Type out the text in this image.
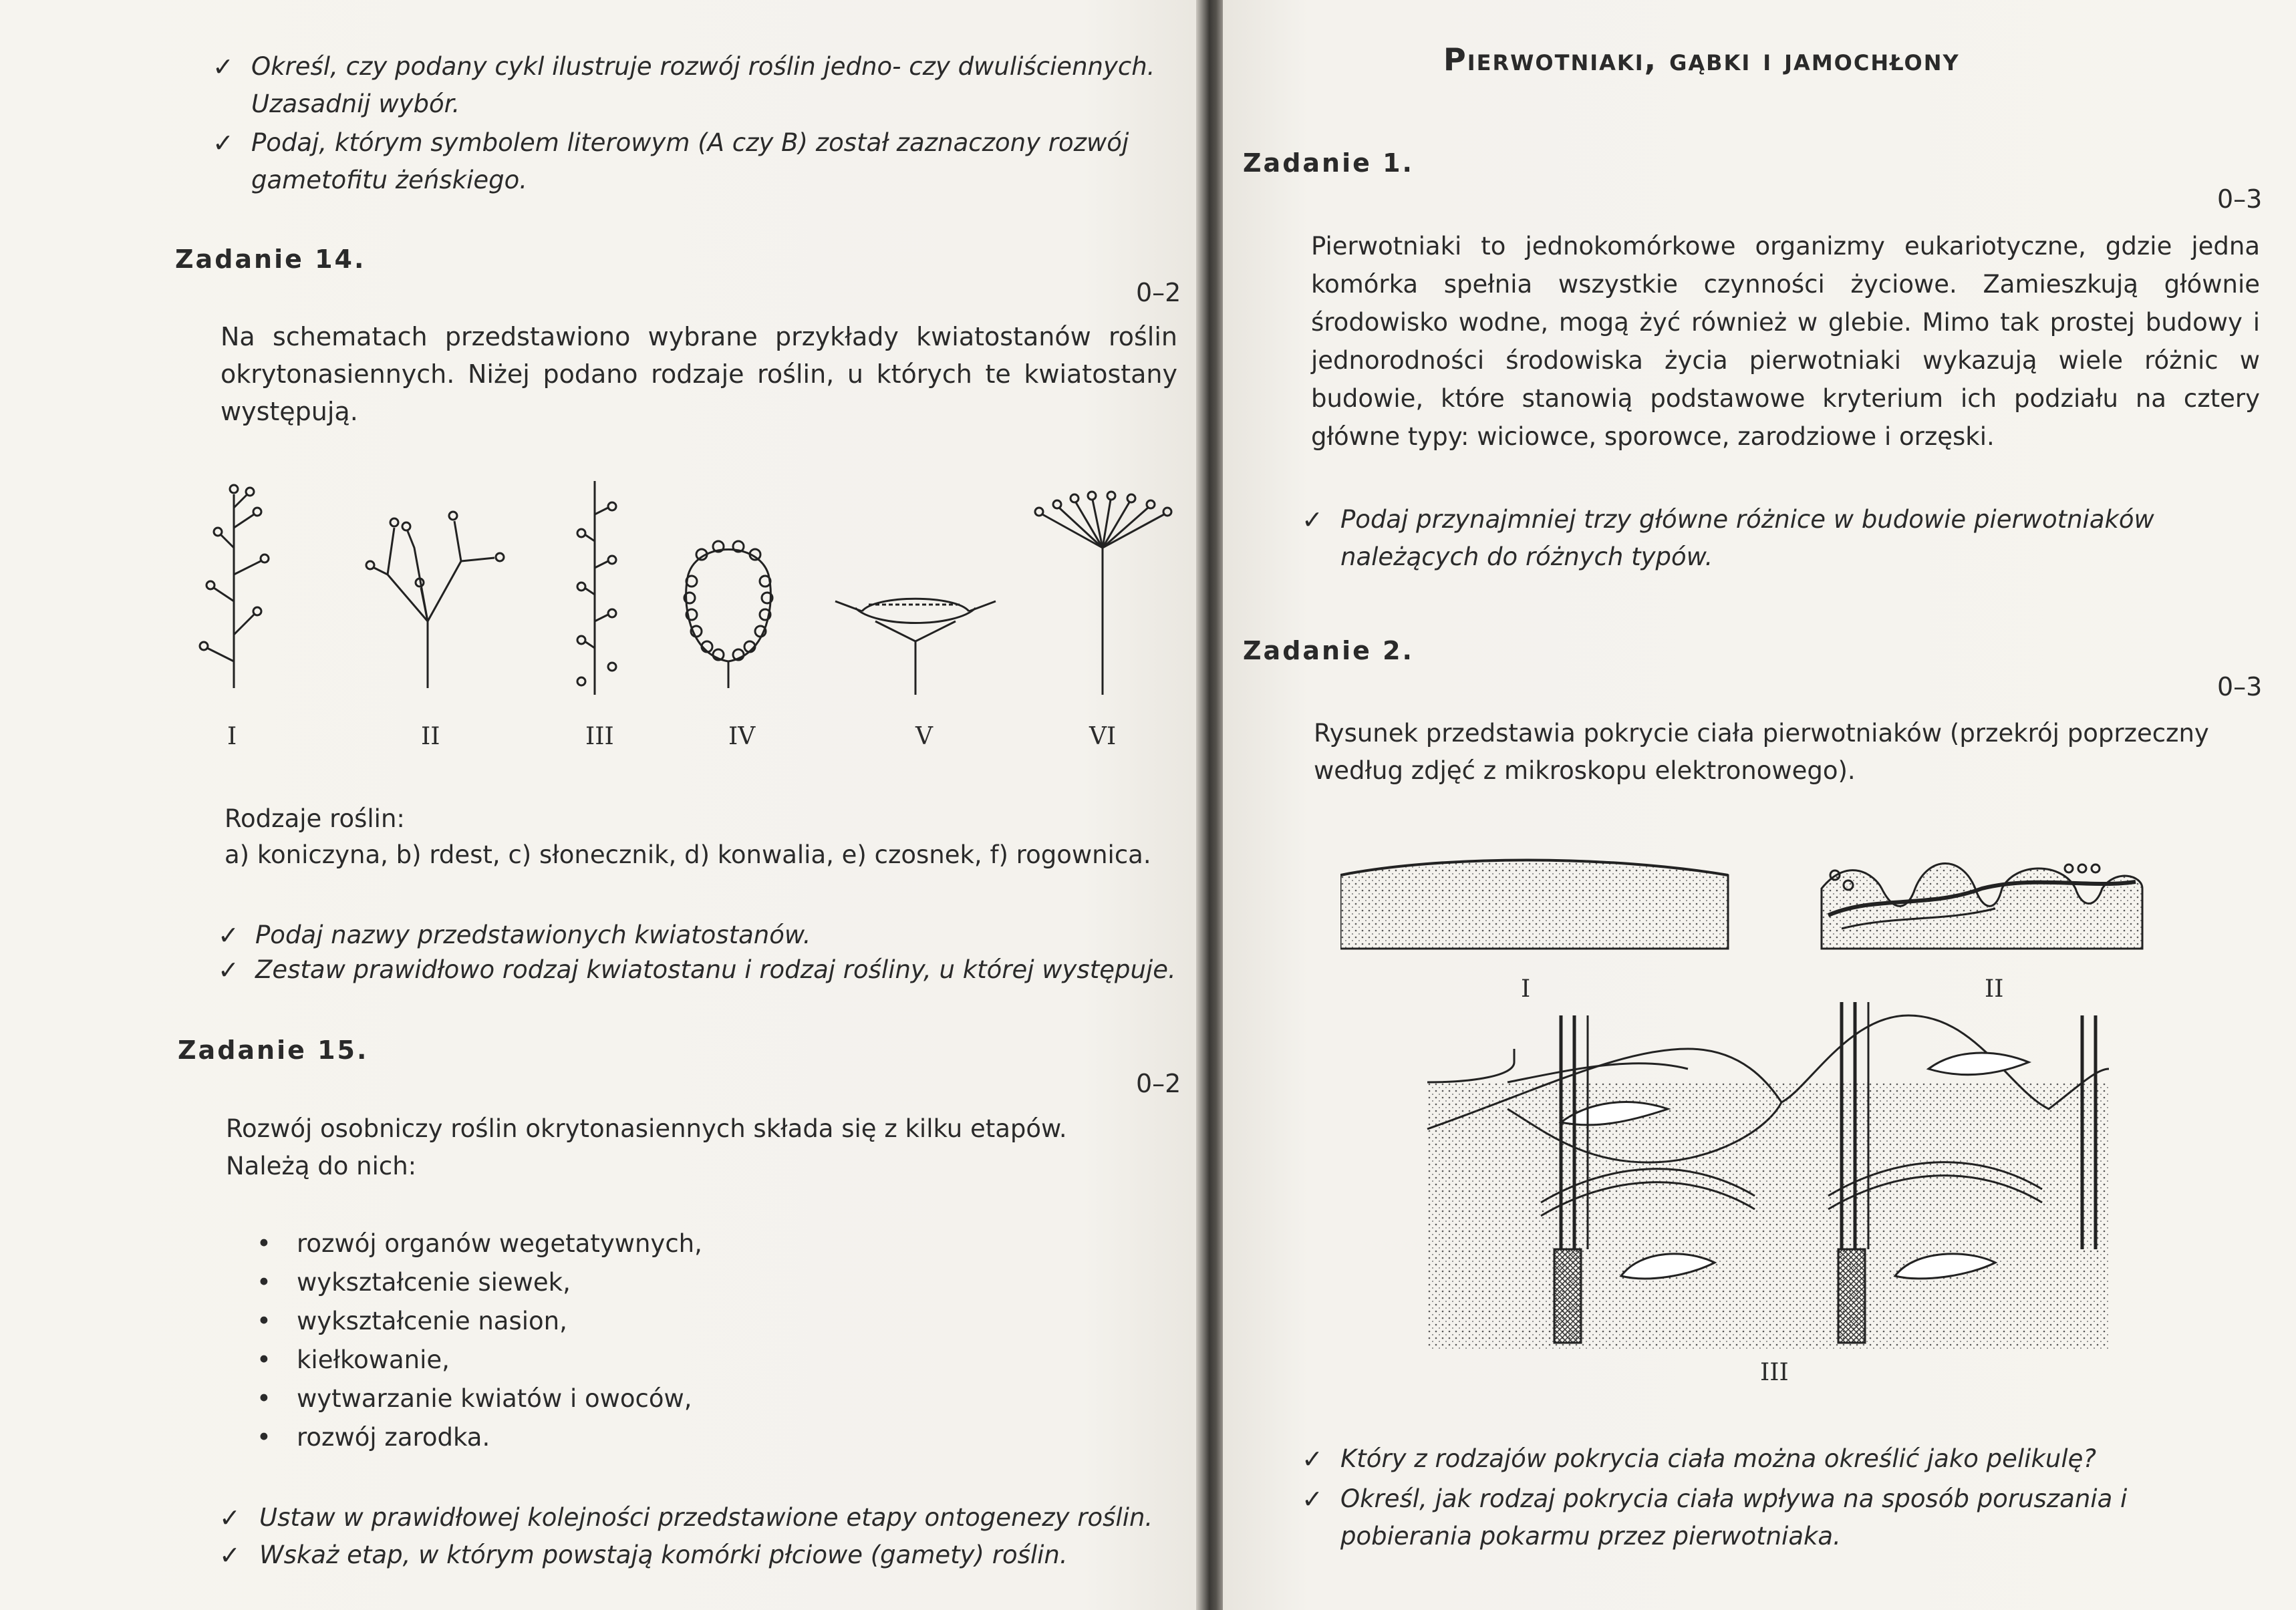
✓ Określ, czy podany cykl ilustruje rozwój roślin jedno- czy dwuliściennych. Uzasadnij wybór.
✓ Podaj, którym symbolem literowym (A czy B) został zaznaczony rozwój gametofitu żeńskiego.
Zadanie 14.
0–2
Na schematach przedstawiono wybrane przykłady kwiatostanów roślin okrytonasiennych. Niżej podano rodzaje roślin, u których te kwiatostany występują.
I	II	III	IV	V	VI
Rodzaje roślin:
a) koniczyna, b) rdest, c) słonecznik, d) konwalia, e) czosnek, f) rogownica.
✓ Podaj nazwy przedstawionych kwiatostanów.
✓ Zestaw prawidłowo rodzaj kwiatostanu i rodzaj rośliny, u której występuje.
Zadanie 15.
0–2
Rozwój osobniczy roślin okrytonasiennych składa się z kilku etapów. Należą do nich:
• rozwój organów wegetatywnych,
• wykształcenie siewek,
• wykształcenie nasion,
• kiełkowanie,
• wytwarzanie kwiatów i owoców,
• rozwój zarodka.
✓ Ustaw w prawidłowej kolejności przedstawione etapy ontogenezy roślin.
✓ Wskaż etap, w którym powstają komórki płciowe (gamety) roślin.
Pierwotniaki, gąbki i jamochłony
Zadanie 1.
0–3
Pierwotniaki to jednokomórkowe organizmy eukariotyczne, gdzie jedna komórka spełnia wszystkie czynności życiowe. Zamieszkują głównie środowisko wodne, mogą żyć również w glebie. Mimo tak prostej budowy i jednorodności środowiska życia pierwotniaki wykazują wiele różnic w budowie, które stanowią podstawowe kryterium ich podziału na cztery główne typy: wiciowce, sporowce, zarodziowe i orzęski.
✓ Podaj przynajmniej trzy główne różnice w budowie pierwotniaków należących do różnych typów.
Zadanie 2.
0–3
Rysunek przedstawia pokrycie ciała pierwotniaków (przekrój poprzeczny według zdjęć z mikroskopu elektronowego).
I	II
III
✓ Który z rodzajów pokrycia ciała można określić jako pelikulę?
✓ Określ, jak rodzaj pokrycia ciała wpływa na sposób poruszania i pobierania pokarmu przez pierwotniaka.
